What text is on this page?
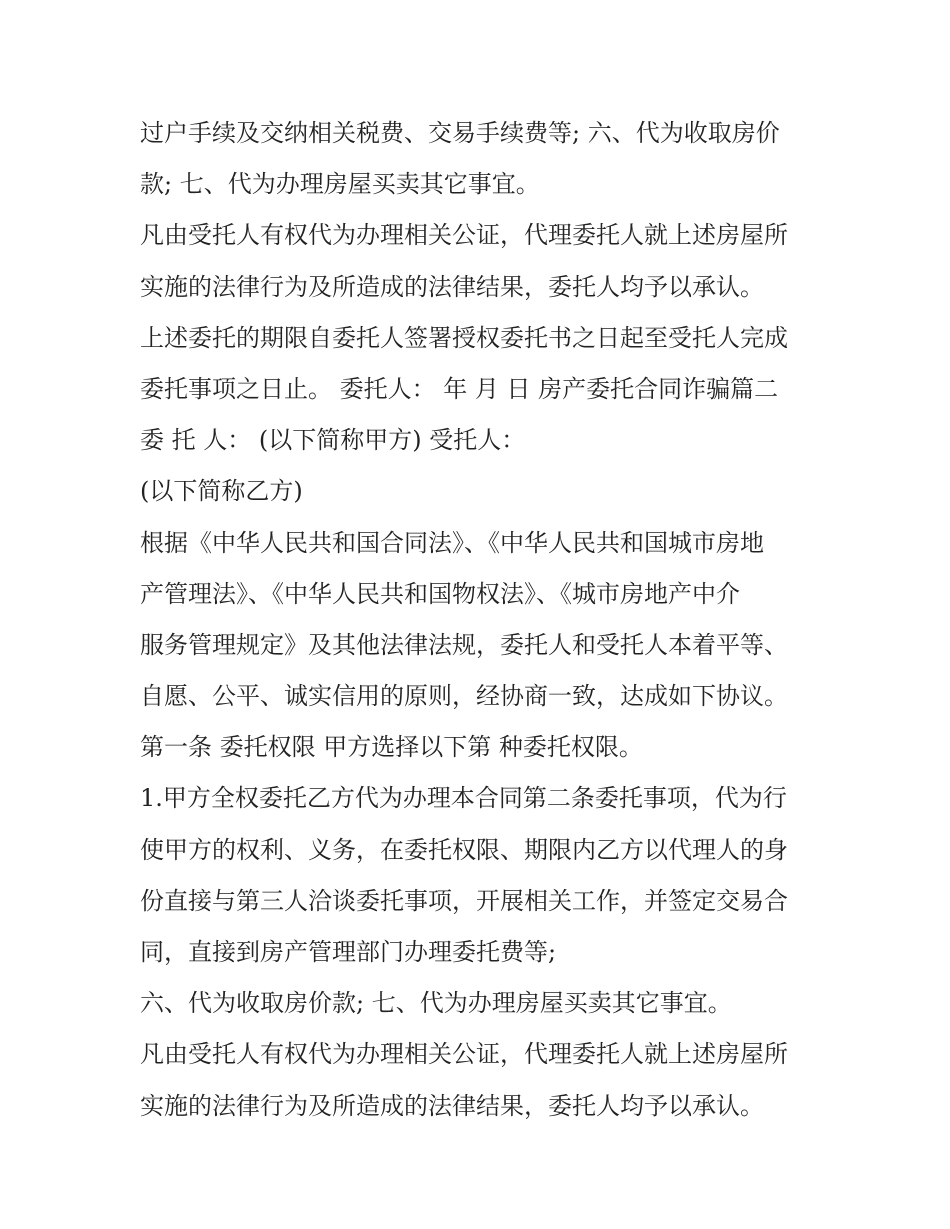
过户手续及交纳相关税费、交易手续费等; 六、代为收取房价
款; 七、代为办理房屋买卖其它事宜。
凡由受托人有权代为办理相关公证，代理委托人就上述房屋所
实施的法律行为及所造成的法律结果，委托人均予以承认。
上述委托的期限自委托人签署授权委托书之日起至受托人完成
委托事项之日止。 委托人： 年 月 日 房产委托合同诈骗篇二
委 托 人： (以下简称甲方) 受托人：
(以下简称乙方)
根据《中华人民共和国合同法》、《中华人民共和国城市房地
产管理法》、《中华人民共和国物权法》、《城市房地产中介
服务管理规定》及其他法律法规，委托人和受托人本着平等、
自愿、公平、诚实信用的原则，经协商一致，达成如下协议。
第一条 委托权限 甲方选择以下第 种委托权限。
1.甲方全权委托乙方代为办理本合同第二条委托事项，代为行
使甲方的权利、义务，在委托权限、期限内乙方以代理人的身
份直接与第三人洽谈委托事项，开展相关工作，并签定交易合
同，直接到房产管理部门办理委托费等;
六、代为收取房价款; 七、代为办理房屋买卖其它事宜。
凡由受托人有权代为办理相关公证，代理委托人就上述房屋所
实施的法律行为及所造成的法律结果，委托人均予以承认。
